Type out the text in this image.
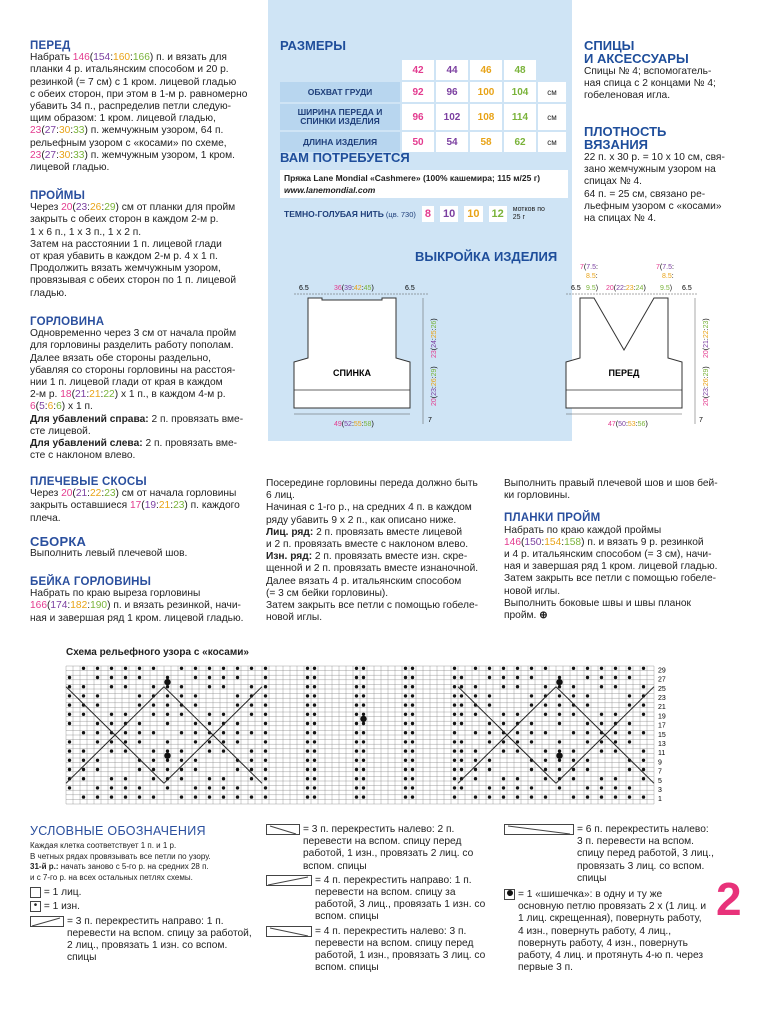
ПЕРЕД
Набрать 146(154:160:166) п. и вязать для
планки 4 р. итальянским способом и 20 р.
резинкой (= 7 см) с 1 кром. лицевой гладью
с обеих сторон, при этом в 1-м р. равномерно
убавить 34 п., распределив петли следую-
щим образом: 1 кром. лицевой гладью,
23(27:30:33) п. жемчужным узором, 64 п.
рельефным узором с «косами» по схеме,
23(27:30:33) п. жемчужным узором, 1 кром.
лицевой гладью.
ПРОЙМЫ
Через 20(23:26:29) см от планки для пройм
закрыть с обеих сторон в каждом 2-м р.
1 х 6 п., 1 х 3 п., 1 х 2 п.
Затем на расстоянии 1 п. лицевой глади
от края убавить в каждом 2-м р. 4 х 1 п.
Продолжить вязать жемчужным узором,
провязывая с обеих сторон по 1 п. лицевой
гладью.
ГОРЛОВИНА
Одновременно через 3 см от начала пройм
для горловины разделить работу пополам.
Далее вязать обе стороны раздельно,
убавляя со стороны горловины на расстоя-
нии 1 п. лицевой глади от края в каждом
2-м р. 18(21:21:22) х 1 п., в каждом 4-м р.
6(5:6:6) х 1 п.
Для убавлений справа: 2 п. провязать вме-
сте лицевой.
Для убавлений слева: 2 п. провязать вме-
сте с наклоном влево.
ПЛЕЧЕВЫЕ СКОСЫ
Через 20(21:22:23) см от начала горловины
закрыть оставшиеся 17(19:21:23) п. каждого
плеча.
СБОРКА
Выполнить левый плечевой шов.
БЕЙКА ГОРЛОВИНЫ
Набрать по краю выреза горловины
166(174:182:190) п. и вязать резинкой, начи-
ная и завершая ряд 1 кром. лицевой гладью.
РАЗМЕРЫ
	42	44	46	48	
ОБХВАТ ГРУДИ	92	96	100	104	см
ШИРИНА ПЕРЕДА И СПИНКИ ИЗДЕЛИЯ	96	102	108	114	см
ДЛИНА ИЗДЕЛИЯ	50	54	58	62	см
ВАМ ПОТРЕБУЕТСЯ
Пряжа Lane Mondial «Cashmere» (100% кашемира; 115 м/25 г)
www.lanemondial.com
ТЕМНО-ГОЛУБАЯ НИТЬ (цв. 730) 8 10 10 12	мотков по 25 г
ВЫКРОЙКА ИЗДЕЛИЯ
СПИНКА
6.5	6.5
36(39:42:45)
23(24:25:26)
20(23:26:29)
7
49(52:55:58)
ПЕРЕД
7(7.5:
8.5:
7(7.5:
8.5:
6.5 9.5) 20(22:23:24) 9.5) 6.5
20(21:22:23)
20(23:26:29)
7
47(50:53:56)
СПИЦЫ
И АКСЕССУАРЫ
Спицы № 4; вспомогатель-
ная спица с 2 концами № 4;
гобеленовая игла.
ПЛОТНОСТЬ
ВЯЗАНИЯ
22 п. х 30 р. = 10 х 10 см, свя-
зано жемчужным узором на
спицах № 4.
64 п. = 25 см, связано ре-
льефным узором с «косами»
на спицах № 4.
Посередине горловины переда должно быть
6 лиц.
Начиная с 1-го р., на средних 4 п. в каждом
ряду убавить 9 х 2 п., как описано ниже.
Лиц. ряд: 2 п. провязать вместе лицевой
и 2 п. провязать вместе с наклоном влево.
Изн. ряд: 2 п. провязать вместе изн. скре-
щенной и 2 п. провязать вместе изнаночной.
Далее вязать 4 р. итальянским способом
(= 3 см бейки горловины).
Затем закрыть все петли с помощью гобеле-
новой иглы.
Выполнить правый плечевой шов и шов бей-
ки горловины.
ПЛАНКИ ПРОЙМ
Набрать по краю каждой проймы
146(150:154:158) п. и вязать 9 р. резинкой
и 4 р. итальянским способом (= 3 см), начи-
ная и завершая ряд 1 кром. лицевой гладью.
Затем закрыть все петли с помощью гобеле-
новой иглы.
Выполнить боковые швы и швы планок
пройм. ⊕
Схема рельефного узора с «косами»
29
27
25
23
21
19
17
15
13
11
9
7
5
3
1
УСЛОВНЫЕ ОБОЗНАЧЕНИЯ
Каждая клетка соответствует 1 п. и 1 р.
В четных рядах провязывать все петли по узору.
31-й р.: начать заново с 5-го р. на средних 28 п.
и с 7-го р. на всех остальных петлях схемы.
= 1 лиц.
• = 1 изн.
= 3 п. перекрестить направо: 1 п. перевести на вспом. спицу за работой, 2 лиц., провязать 1 изн. со вспом. спицы
= 3 п. перекрестить налево: 2 п. перевести на вспом. спицу перед работой, 1 изн., провязать 2 лиц. со вспом. спицы
= 4 п. перекрестить направо: 1 п. перевести на вспом. спицу за работой, 3 лиц., провязать 1 изн. со вспом. спицы
= 4 п. перекрестить налево: 3 п. перевести на вспом. спицу перед работой, 1 изн., провязать 3 лиц. со вспом. спицы
= 6 п. перекрестить налево: 3 п. перевести на вспом. спицу перед работой, 3 лиц., провязать 3 лиц. со вспом. спицы
= 1 «шишечка»: в одну и ту же основную петлю провязать 2 х (1 лиц. и 1 лиц. скрещенная), повернуть работу, 4 изн., повернуть работу, 4 лиц., повернуть работу, 4 изн., повернуть работу, 4 лиц. и протянуть 4-ю п. через первые 3 п.
2
